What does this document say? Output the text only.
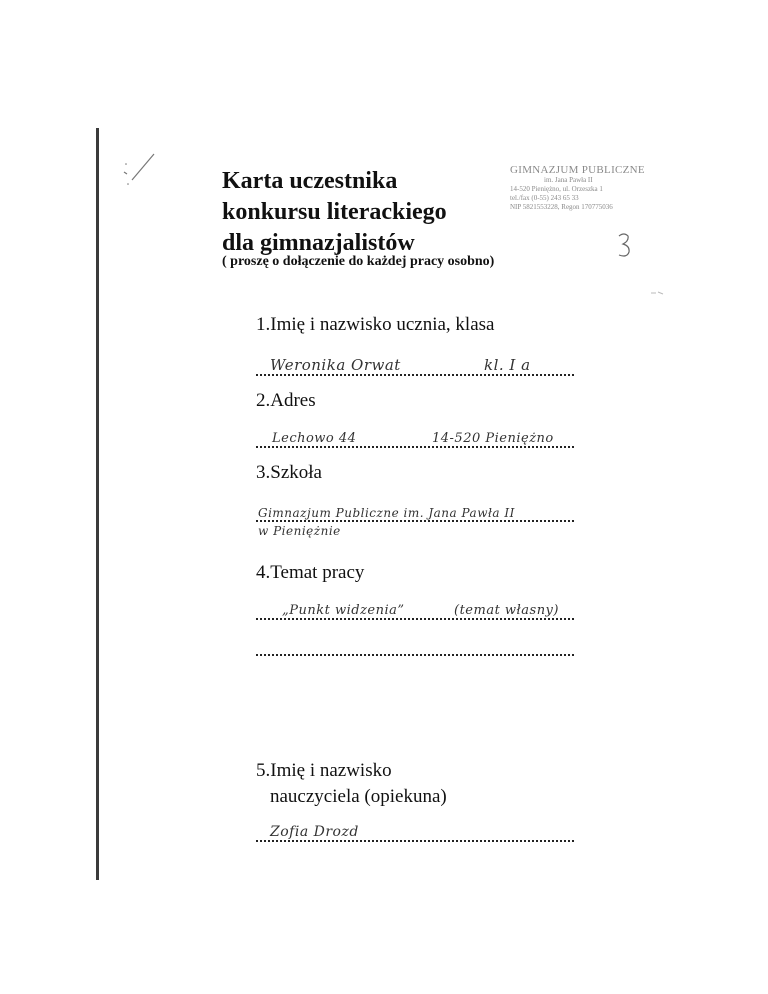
Karta uczestnika
konkursu literackiego
dla gimnazjalistów
( proszę o dołączenie do każdej pracy osobno)
GIMNAZJUM PUBLICZNE
im. Jana Pawła II
14-520 Pieniężno, ul. Orzeszka 1
tel./fax (0-55) 243 65 33
NIP 5821553228, Regon 170775036
1.Imię i nazwisko ucznia, klasa
Weronika Orwat	kl. I a
2.Adres
Lechowo 44	14-520 Pieniężno
3.Szkoła
Gimnazjum Publiczne im. Jana Pawła II
w Pieniężnie
4.Temat pracy
„Punkt widzenia”	(temat własny)
5.Imię i nazwisko
nauczyciela (opiekuna)
Zofia Drozd
